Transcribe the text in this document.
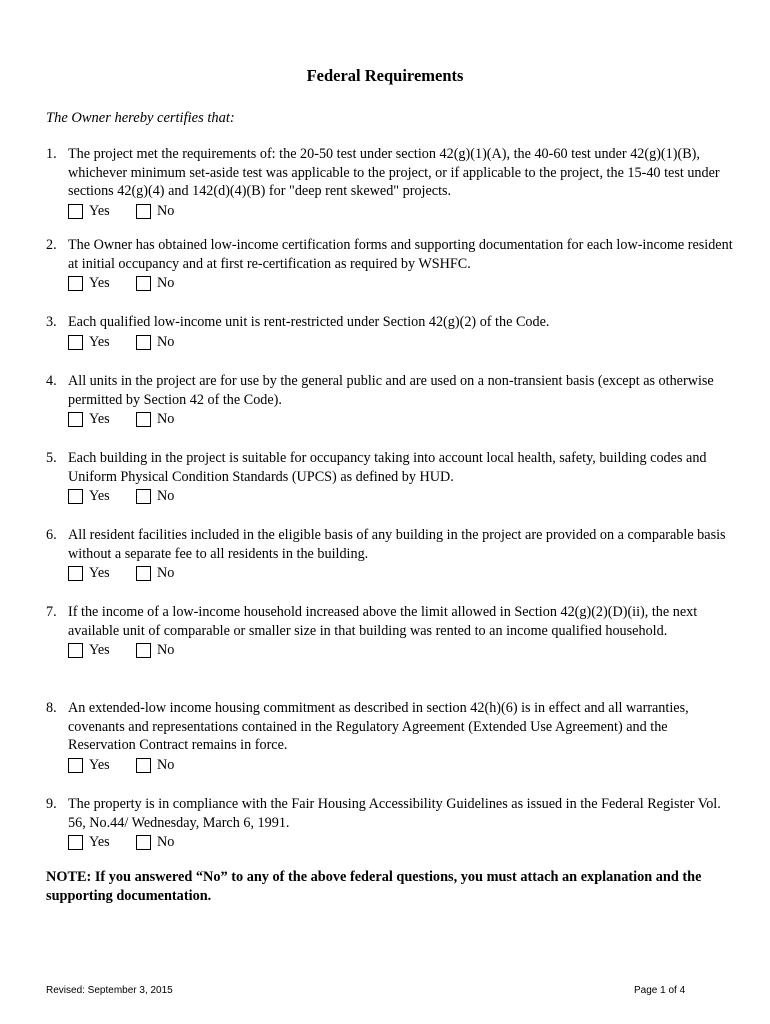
Federal Requirements
The Owner hereby certifies that:
1. The project met the requirements of: the 20-50 test under section 42(g)(1)(A), the 40-60 test under 42(g)(1)(B), whichever minimum set-aside test was applicable to the project, or if applicable to the project, the 15-40 test under sections 42(g)(4) and 142(d)(4)(B) for "deep rent skewed" projects.
Yes	No
2. The Owner has obtained low-income certification forms and supporting documentation for each low-income resident at initial occupancy and at first re-certification as required by WSHFC.
Yes	No
3. Each qualified low-income unit is rent-restricted under Section 42(g)(2) of the Code.
Yes	No
4. All units in the project are for use by the general public and are used on a non-transient basis (except as otherwise permitted by Section 42 of the Code).
Yes	No
5. Each building in the project is suitable for occupancy taking into account local health, safety, building codes and Uniform Physical Condition Standards (UPCS) as defined by HUD.
Yes	No
6. All resident facilities included in the eligible basis of any building in the project are provided on a comparable basis without a separate fee to all residents in the building.
Yes	No
7. If the income of a low-income household increased above the limit allowed in Section 42(g)(2)(D)(ii), the next available unit of comparable or smaller size in that building was rented to an income qualified household.
Yes	No
8. An extended-low income housing commitment as described in section 42(h)(6) is in effect and all warranties, covenants and representations contained in the Regulatory Agreement (Extended Use Agreement) and the Reservation Contract remains in force.
Yes	No
9. The property is in compliance with the Fair Housing Accessibility Guidelines as issued in the Federal Register Vol. 56, No.44/ Wednesday, March 6, 1991.
Yes	No
NOTE: If you answered “No” to any of the above federal questions, you must attach an explanation and the supporting documentation.
Revised: September 3, 2015	Page 1 of 4
